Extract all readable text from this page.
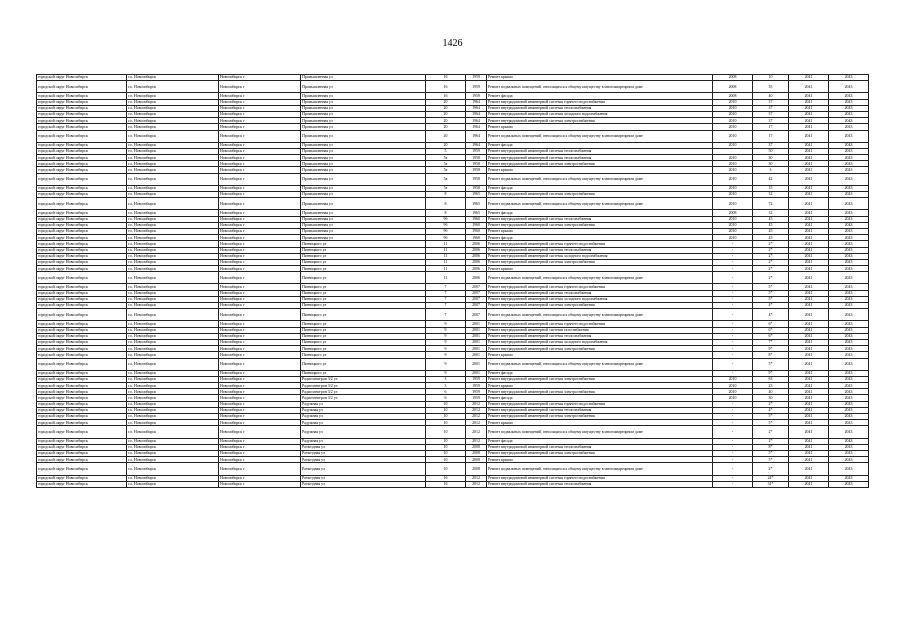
1426
городской округ Новосибирск	г.о. Новосибирск	Новосибирск г	Промышленная ул	16	1959	Ремонт крыши	2008	10	2041	2043
городской округ Новосибирск	г.о. Новосибирск	Новосибирск г	Промышленная ул	16	1959	Ремонт подвальных помещений, относящихся к общему имуществу в многоквартирном доме	2008	35	2041	2043
городской округ Новосибирск	г.о. Новосибирск	Новосибирск г	Промышленная ул	16	1959	Ремонт фасада	2008	40	2041	2043
городской округ Новосибирск	г.о. Новосибирск	Новосибирск г	Промышленная ул	20	1964	Ремонт внутридомовой инженерной системы горячего водоснабжения	2010	37	2041	2043
городской округ Новосибирск	г.о. Новосибирск	Новосибирск г	Промышленная ул	20	1964	Ремонт внутридомовой инженерной системы теплоснабжения	2010	37	2041	2043
городской округ Новосибирск	г.о. Новосибирск	Новосибирск г	Промышленная ул	20	1964	Ремонт внутридомовой инженерной системы холодного водоснабжения	2010	37	2041	2043
городской округ Новосибирск	г.о. Новосибирск	Новосибирск г	Промышленная ул	20	1964	Ремонт внутридомовой инженерной системы электроснабжения	2010	37	2041	2043
городской округ Новосибирск	г.о. Новосибирск	Новосибирск г	Промышленная ул	20	1964	Ремонт крыши	2010	17	2041	2043
городской округ Новосибирск	г.о. Новосибирск	Новосибирск г	Промышленная ул	20	1964	Ремонт подвальных помещений, относящихся к общему имуществу в многоквартирном доме	2010	17	2041	2043
городской округ Новосибирск	г.о. Новосибирск	Новосибирск г	Промышленная ул	20	1964	Ремонт фасада	2010	37	2041	2043
городской округ Новосибирск	г.о. Новосибирск	Новосибирск г	Промышленная ул	5	1959	Ремонт внутридомовой инженерной системы теплоснабжения		50	2041	2043
городской округ Новосибирск	г.о. Новосибирск	Новосибирск г	Промышленная ул	5а	1958	Ремонт внутридомовой инженерной системы теплоснабжения	2010	30	2041	2043
городской округ Новосибирск	г.о. Новосибирск	Новосибирск г	Промышленная ул	5а	1958	Ремонт внутридомовой инженерной системы электроснабжения	2010	30	2041	2043
городской округ Новосибирск	г.о. Новосибирск	Новосибирск г	Промышленная ул	5а	1958	Ремонт крыши	2010	3	2041	2043
городской округ Новосибирск	г.о. Новосибирск	Новосибирск г	Промышленная ул	5а	1958	Ремонт подвальных помещений, относящихся к общему имуществу в многоквартирном доме	2010	42	2041	2043
городской округ Новосибирск	г.о. Новосибирск	Новосибирск г	Промышленная ул	5а	1958	Ремонт фасада	2010	15	2041	2043
городской округ Новосибирск	г.о. Новосибирск	Новосибирск г	Промышленная ул	8	1965	Ремонт внутридомовой инженерной системы электроснабжения	2010	32	2041	2043
городской округ Новосибирск	г.о. Новосибирск	Новосибирск г	Промышленная ул	8	1965	Ремонт подвальных помещений, относящихся к общему имуществу в многоквартирном доме	2010	72	2041	2043
городской округ Новосибирск	г.о. Новосибирск	Новосибирск г	Промышленная ул	8	1965	Ремонт фасада	2008	32	2041	2043
городской округ Новосибирск	г.о. Новосибирск	Новосибирск г	Промышленная ул	9б	1960	Ремонт внутридомовой инженерной системы теплоснабжения	2010	45	2041	2043
городской округ Новосибирск	г.о. Новосибирск	Новосибирск г	Промышленная ул	9б	1960	Ремонт внутридомовой инженерной системы электроснабжения	2010	45	2041	2043
городской округ Новосибирск	г.о. Новосибирск	Новосибирск г	Промышленная ул	9б	1960	Ремонт крыши	2010	45	2041	2043
городской округ Новосибирск	г.о. Новосибирск	Новосибирск г	Промышленная ул	9б	1960	Ремонт фасада	2010	45	2041	2043
городской округ Новосибирск	г.о. Новосибирск	Новосибирск г	Пятницкого ул	11	2006	Ремонт внутридомовой инженерной системы горячего водоснабжения	-	2*	2041	2043
городской округ Новосибирск	г.о. Новосибирск	Новосибирск г	Пятницкого ул	11	2006	Ремонт внутридомовой инженерной системы теплоснабжения	-	2*	2041	2043
городской округ Новосибирск	г.о. Новосибирск	Новосибирск г	Пятницкого ул	11	2006	Ремонт внутридомовой инженерной системы холодного водоснабжения	-	2*	2041	2043
городской округ Новосибирск	г.о. Новосибирск	Новосибирск г	Пятницкого ул	11	2006	Ремонт внутридомовой инженерной системы электроснабжения	-	2*	2041	2043
городской округ Новосибирск	г.о. Новосибирск	Новосибирск г	Пятницкого ул	11	2006	Ремонт крыши	-	2*	2041	2043
городской округ Новосибирск	г.о. Новосибирск	Новосибирск г	Пятницкого ул	11	2006	Ремонт подвальных помещений, относящихся к общему имуществу в многоквартирном доме	-	2*	2041	2043
городской округ Новосибирск	г.о. Новосибирск	Новосибирск г	Пятницкого ул	7	2007	Ремонт внутридомовой инженерной системы горячего водоснабжения	-	5*	2041	2043
городской округ Новосибирск	г.о. Новосибирск	Новосибирск г	Пятницкого ул	7	2007	Ремонт внутридомовой инженерной системы теплоснабжения	-	5*	2041	2043
городской округ Новосибирск	г.о. Новосибирск	Новосибирск г	Пятницкого ул	7	2007	Ремонт внутридомовой инженерной системы холодного водоснабжения	-	5*	2041	2043
городской округ Новосибирск	г.о. Новосибирск	Новосибирск г	Пятницкого ул	7	2007	Ремонт внутридомовой инженерной системы электроснабжения	-	4*	2041	2043
городской округ Новосибирск	г.о. Новосибирск	Новосибирск г	Пятницкого ул	7	2007	Ремонт подвальных помещений, относящихся к общему имуществу в многоквартирном доме	-	4*	2041	2043
городской округ Новосибирск	г.о. Новосибирск	Новосибирск г	Пятницкого ул	9	2001	Ремонт внутридомовой инженерной системы горячего водоснабжения	-	6*	2041	2043
городской округ Новосибирск	г.о. Новосибирск	Новосибирск г	Пятницкого ул	9	2001	Ремонт внутридомовой инженерной системы газоснабжения	-	6*	2041	2043
городской округ Новосибирск	г.о. Новосибирск	Новосибирск г	Пятницкого ул	9	2001	Ремонт внутридомовой инженерной системы теплоснабжения	-	6*	2041	2043
городской округ Новосибирск	г.о. Новосибирск	Новосибирск г	Пятницкого ул	9	2001	Ремонт внутридомовой инженерной системы холодного водоснабжения	-	7*	2041	2043
городской округ Новосибирск	г.о. Новосибирск	Новосибирск г	Пятницкого ул	9	2001	Ремонт внутридомовой инженерной системы электроснабжения	-	9*	2041	2043
городской округ Новосибирск	г.о. Новосибирск	Новосибирск г	Пятницкого ул	9	2001	Ремонт крыши	-	8*	2041	2043
городской округ Новосибирск	г.о. Новосибирск	Новосибирск г	Пятницкого ул	9	2001	Ремонт подвальных помещений, относящихся к общему имуществу в многоквартирном доме	-	5*	2041	2043
городской округ Новосибирск	г.о. Новосибирск	Новосибирск г	Пятницкого ул	9	2001	Ремонт фасада	-	9*	2041	2043
городской округ Новосибирск	г.о. Новосибирск	Новосибирск г	Радиоэлектрон 3/2 ул	3	1959	Ремонт внутридомовой инженерной системы электроснабжения	2010	63	2041	2043
городской округ Новосибирск	г.о. Новосибирск	Новосибирск г	Радиоэлектрон 3/2 ул	3	1959	Ремонт крыши	2010	23	2041	2043
городской округ Новосибирск	г.о. Новосибирск	Новосибирск г	Радиоэлектрон 3/2 ул	6	1959	Ремонт внутридомовой инженерной системы электроснабжения	2010	40	2041	2043
городской округ Новосибирск	г.о. Новосибирск	Новосибирск г	Радиоэлектрон 3/2 ул	6	1959	Ремонт фасада	2010	30	2041	2043
городской округ Новосибирск	г.о. Новосибирск	Новосибирск г	Радужная ул	10	2012	Ремонт внутридомовой инженерной системы горячего водоснабжения	-	2*	2041	2043
городской округ Новосибирск	г.о. Новосибирск	Новосибирск г	Радужная ул	10	2012	Ремонт внутридомовой инженерной системы теплоснабжения	-	4*	2041	2043
городской округ Новосибирск	г.о. Новосибирск	Новосибирск г	Радужная ул	10	2012	Ремонт внутридомовой инженерной системы электроснабжения	-	5*	2041	2043
городской округ Новосибирск	г.о. Новосибирск	Новосибирск г	Радужная ул	10	2012	Ремонт крыши	-	5*	2041	2043
городской округ Новосибирск	г.о. Новосибирск	Новосибирск г	Радужная ул	10	2012	Ремонт подвальных помещений, относящихся к общему имуществу в многоквартирном доме	-	2*	2041	2043
городской округ Новосибирск	г.о. Новосибирск	Новосибирск г	Радужная ул	10	2012	Ремонт фасада	-	2*	2041	2043
городской округ Новосибирск	г.о. Новосибирск	Новосибирск г	Разъездная ул	10	2008	Ремонт внутридомовой инженерной системы теплоснабжения	-	8*	2041	2043
городской округ Новосибирск	г.о. Новосибирск	Новосибирск г	Разъездная ул	10	2008	Ремонт внутридомовой инженерной системы электроснабжения	-	5*	2041	2043
городской округ Новосибирск	г.о. Новосибирск	Новосибирск г	Разъездная ул	10	2008	Ремонт крыши	-	5*	2041	2043
городской округ Новосибирск	г.о. Новосибирск	Новосибирск г	Разъездная ул	10	2008	Ремонт подвальных помещений, относящихся к общему имуществу в многоквартирном доме	-	2*	2041	2043
городской округ Новосибирск	г.о. Новосибирск	Новосибирск г	Разъездная ул	16	2012	Ремонт внутридомовой инженерной системы горячего водоснабжения	-	24*	2041	2043
городской округ Новосибирск	г.о. Новосибирск	Новосибирск г	Разъездная ул	16	2012	Ремонт внутридомовой инженерной системы теплоснабжения	-	31*	2041	2043
